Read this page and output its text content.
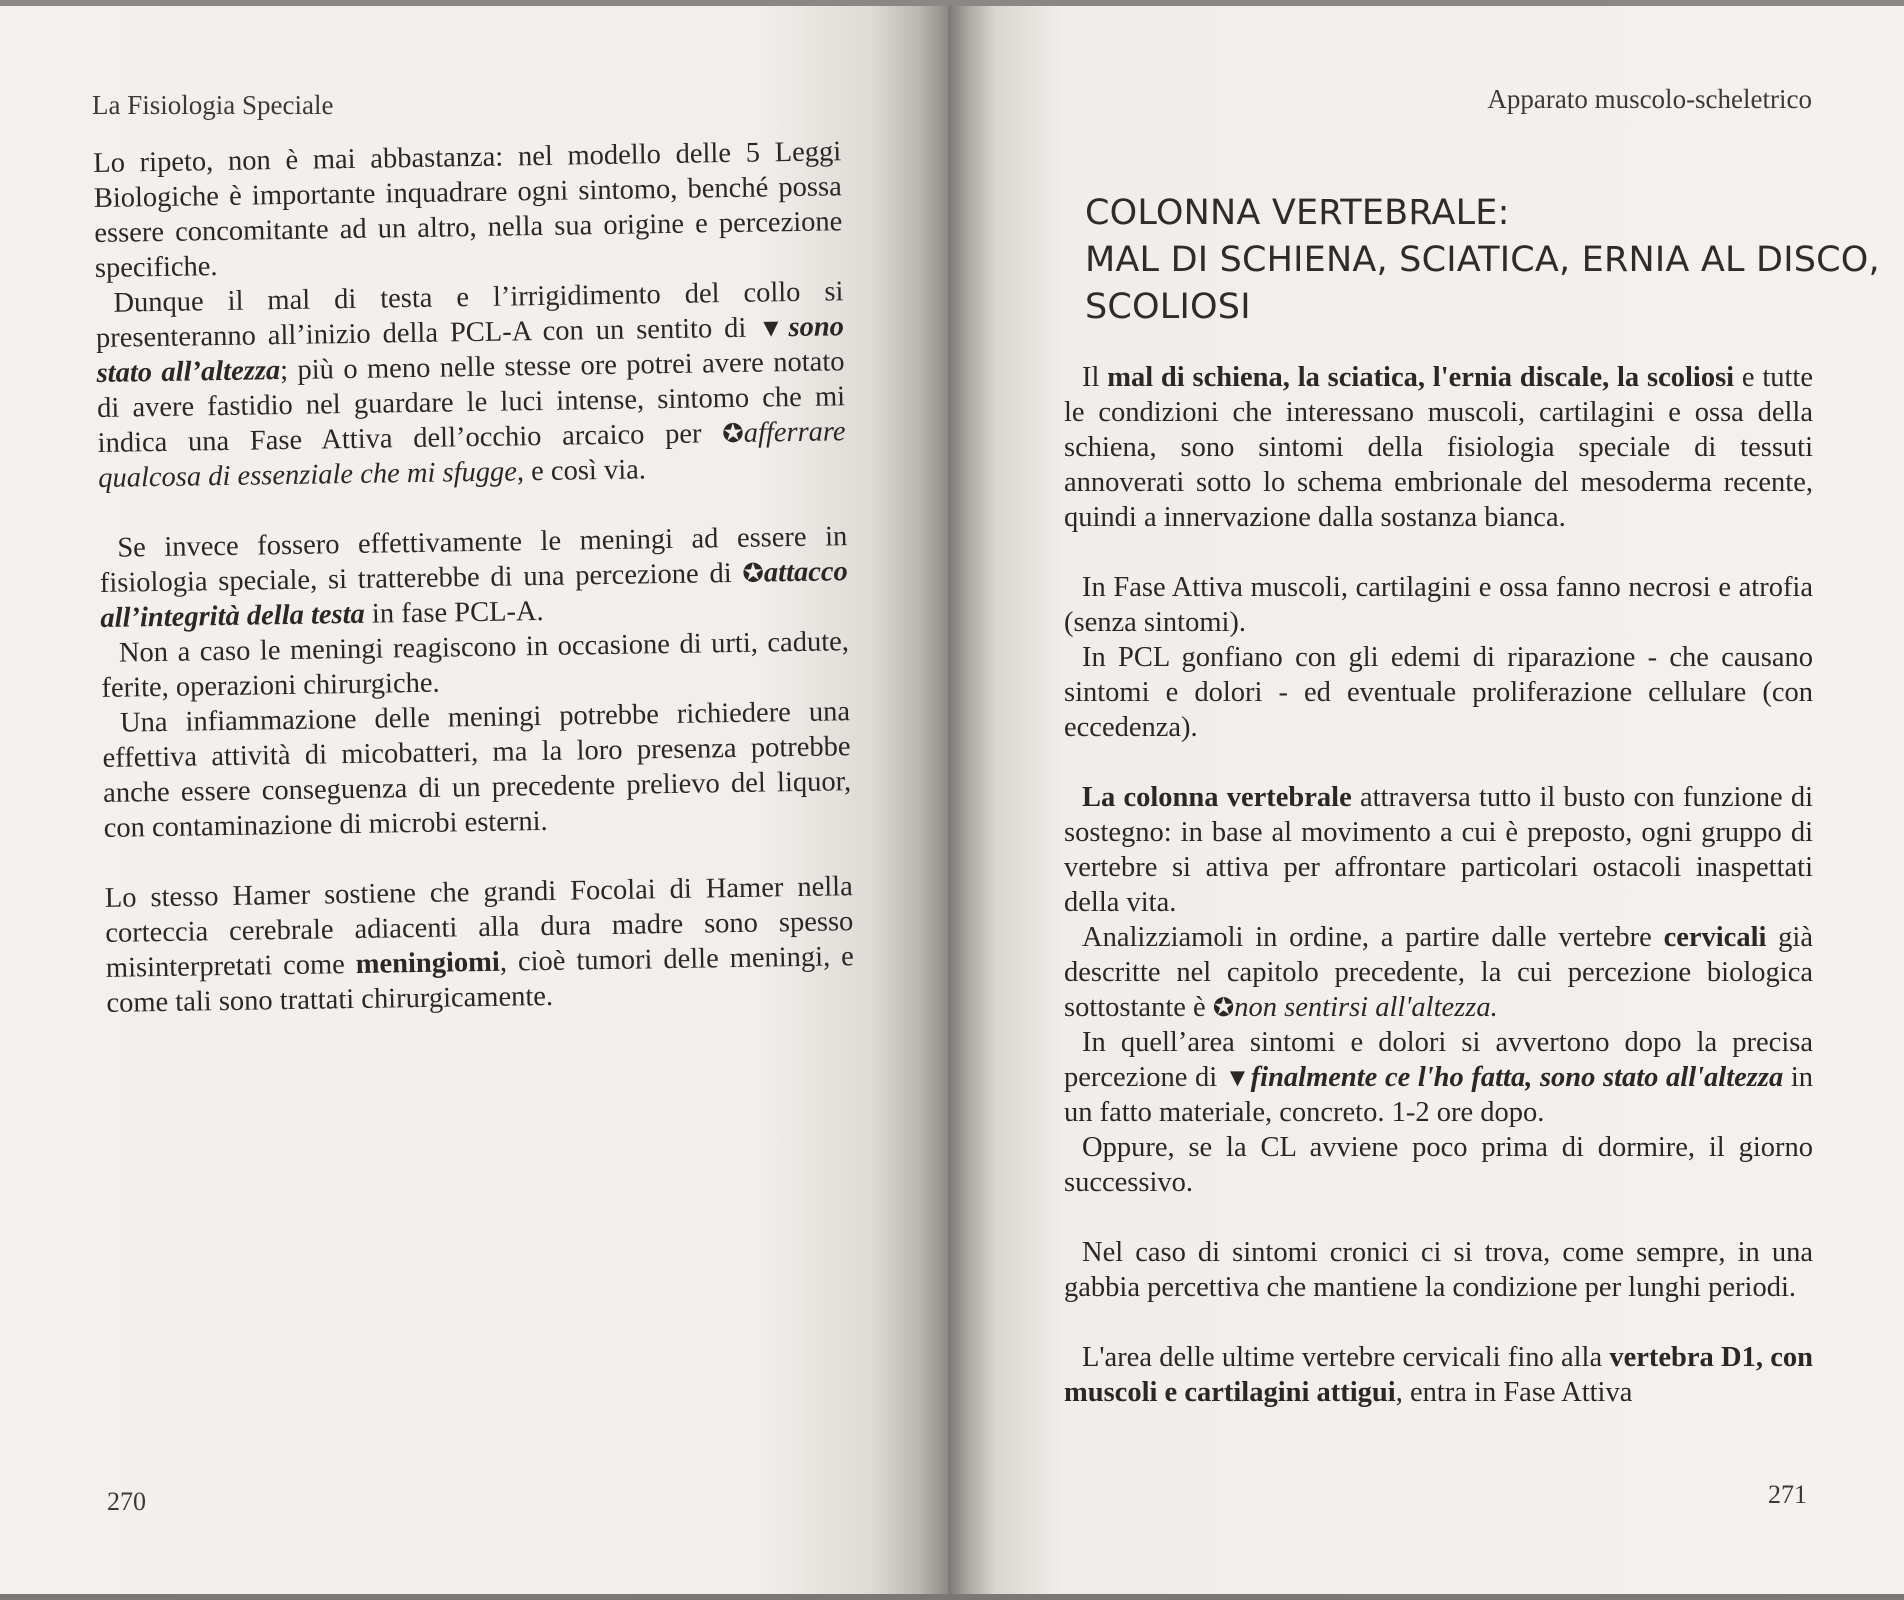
La Fisiologia Speciale

Lo ripeto, non è mai abbastanza: nel modello delle 5 Leggi Biologiche è importante inquadrare ogni sintomo, benché possa essere concomitante ad un altro, nella sua origine e percezione specifiche.

Dunque il mal di testa e l’irrigidimento del collo si presenteranno all’inizio della PCL-A con un sentito di ▼sono stato all’altezza; più o meno nelle stesse ore potrei avere notato di avere fastidio nel guardare le luci intense, sintomo che mi indica una Fase Attiva dell’occhio arcaico per ✪afferrare qualcosa di essenziale che mi sfugge, e così via.

Se invece fossero effettivamente le meningi ad essere in fisiologia speciale, si tratterebbe di una percezione di ✪attacco all’integrità della testa in fase PCL-A.

Non a caso le meningi reagiscono in occasione di urti, cadute, ferite, operazioni chirurgiche.

Una infiammazione delle meningi potrebbe richiedere una effettiva attività di micobatteri, ma la loro presenza potrebbe anche essere conseguenza di un precedente prelievo del liquor, con contaminazione di microbi esterni.

Lo stesso Hamer sostiene che grandi Focolai di Hamer nella corteccia cerebrale adiacenti alla dura madre sono spesso misinterpretati come meningiomi, cioè tumori delle meningi, e come tali sono trattati chirurgicamente.

270
Apparato muscolo-scheletrico
COLONNA VERTEBRALE:
MAL DI SCHIENA, SCIATICA, ERNIA AL DISCO,
SCOLIOSI

Il mal di schiena, la sciatica, l'ernia discale, la scoliosi e tutte le condizioni che interessano muscoli, cartilagini e ossa della schiena, sono sintomi della fisiologia speciale di tessuti annoverati sotto lo schema embrionale del mesoderma recente, quindi a innervazione dalla sostanza bianca.

In Fase Attiva muscoli, cartilagini e ossa fanno necrosi e atrofia (senza sintomi).

In PCL gonfiano con gli edemi di riparazione - che causano sintomi e dolori - ed eventuale proliferazione cellulare (con eccedenza).

La colonna vertebrale attraversa tutto il busto con funzione di sostegno: in base al movimento a cui è preposto, ogni gruppo di vertebre si attiva per affrontare particolari ostacoli inaspettati della vita.

Analizziamoli in ordine, a partire dalle vertebre cervicali già descritte nel capitolo precedente, la cui percezione biologica sottostante è ✪non sentirsi all'altezza.

In quell’area sintomi e dolori si avvertono dopo la precisa percezione di ▼finalmente ce l'ho fatta, sono stato all'altezza in un fatto materiale, concreto. 1-2 ore dopo.

Oppure, se la CL avviene poco prima di dormire, il giorno successivo.

Nel caso di sintomi cronici ci si trova, come sempre, in una gabbia percettiva che mantiene la condizione per lunghi periodi.

L'area delle ultime vertebre cervicali fino alla vertebra D1, con muscoli e cartilagini attigui, entra in Fase Attiva

271
